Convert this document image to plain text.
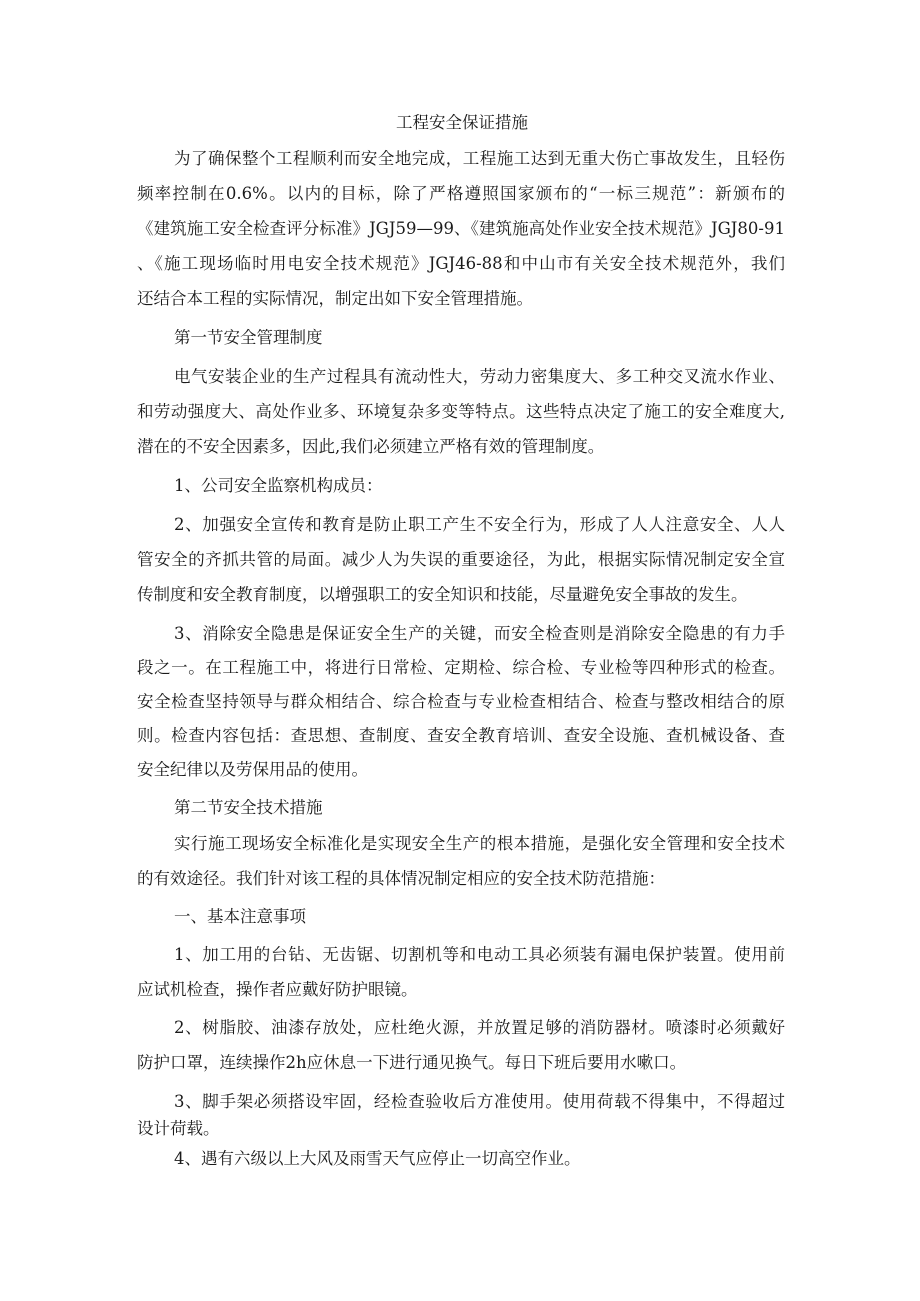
工程安全保证措施
为了确保整个工程顺利而安全地完成，工程施工达到无重大伤亡事故发生，且轻伤
频率控制在0.6%。以内的目标，除了严格遵照国家颁布的“一标三规范”：新颁布的
《建筑施工安全检查评分标准》JGJ59—99、《建筑施高处作业安全技术规范》JGJ80-91
、《施工现场临时用电安全技术规范》JGJ46-88和中山市有关安全技术规范外，我们
还结合本工程的实际情况，制定出如下安全管理措施。
第一节安全管理制度
电气安装企业的生产过程具有流动性大，劳动力密集度大、多工种交叉流水作业、
和劳动强度大、高处作业多、环境复杂多变等特点。这些特点决定了施工的安全难度大,
潜在的不安全因素多，因此,我们必须建立严格有效的管理制度。
1、公司安全监察机构成员：
2、加强安全宣传和教育是防止职工产生不安全行为，形成了人人注意安全、人人
管安全的齐抓共管的局面。减少人为失误的重要途径，为此，根据实际情况制定安全宣
传制度和安全教育制度，以增强职工的安全知识和技能，尽量避免安全事故的发生。
3、消除安全隐患是保证安全生产的关键，而安全检查则是消除安全隐患的有力手
段之一。在工程施工中，将进行日常检、定期检、综合检、专业检等四种形式的检查。
安全检查坚持领导与群众相结合、综合检查与专业检查相结合、检查与整改相结合的原
则。检查内容包括：查思想、查制度、查安全教育培训、查安全设施、查机械设备、查
安全纪律以及劳保用品的使用。
第二节安全技术措施
实行施工现场安全标准化是实现安全生产的根本措施，是强化安全管理和安全技术
的有效途径。我们针对该工程的具体情况制定相应的安全技术防范措施：
一、基本注意事项
1、加工用的台钻、无齿锯、切割机等和电动工具必须装有漏电保护装置。使用前
应试机检查，操作者应戴好防护眼镜。
2、树脂胶、油漆存放处，应杜绝火源，并放置足够的消防器材。喷漆时必须戴好
防护口罩，连续操作2h应休息一下进行通见换气。每日下班后要用水嗽口。
3、脚手架必须搭设牢固，经检查验收后方准使用。使用荷载不得集中，不得超过
设计荷载。
4、遇有六级以上大风及雨雪天气应停止一切高空作业。
